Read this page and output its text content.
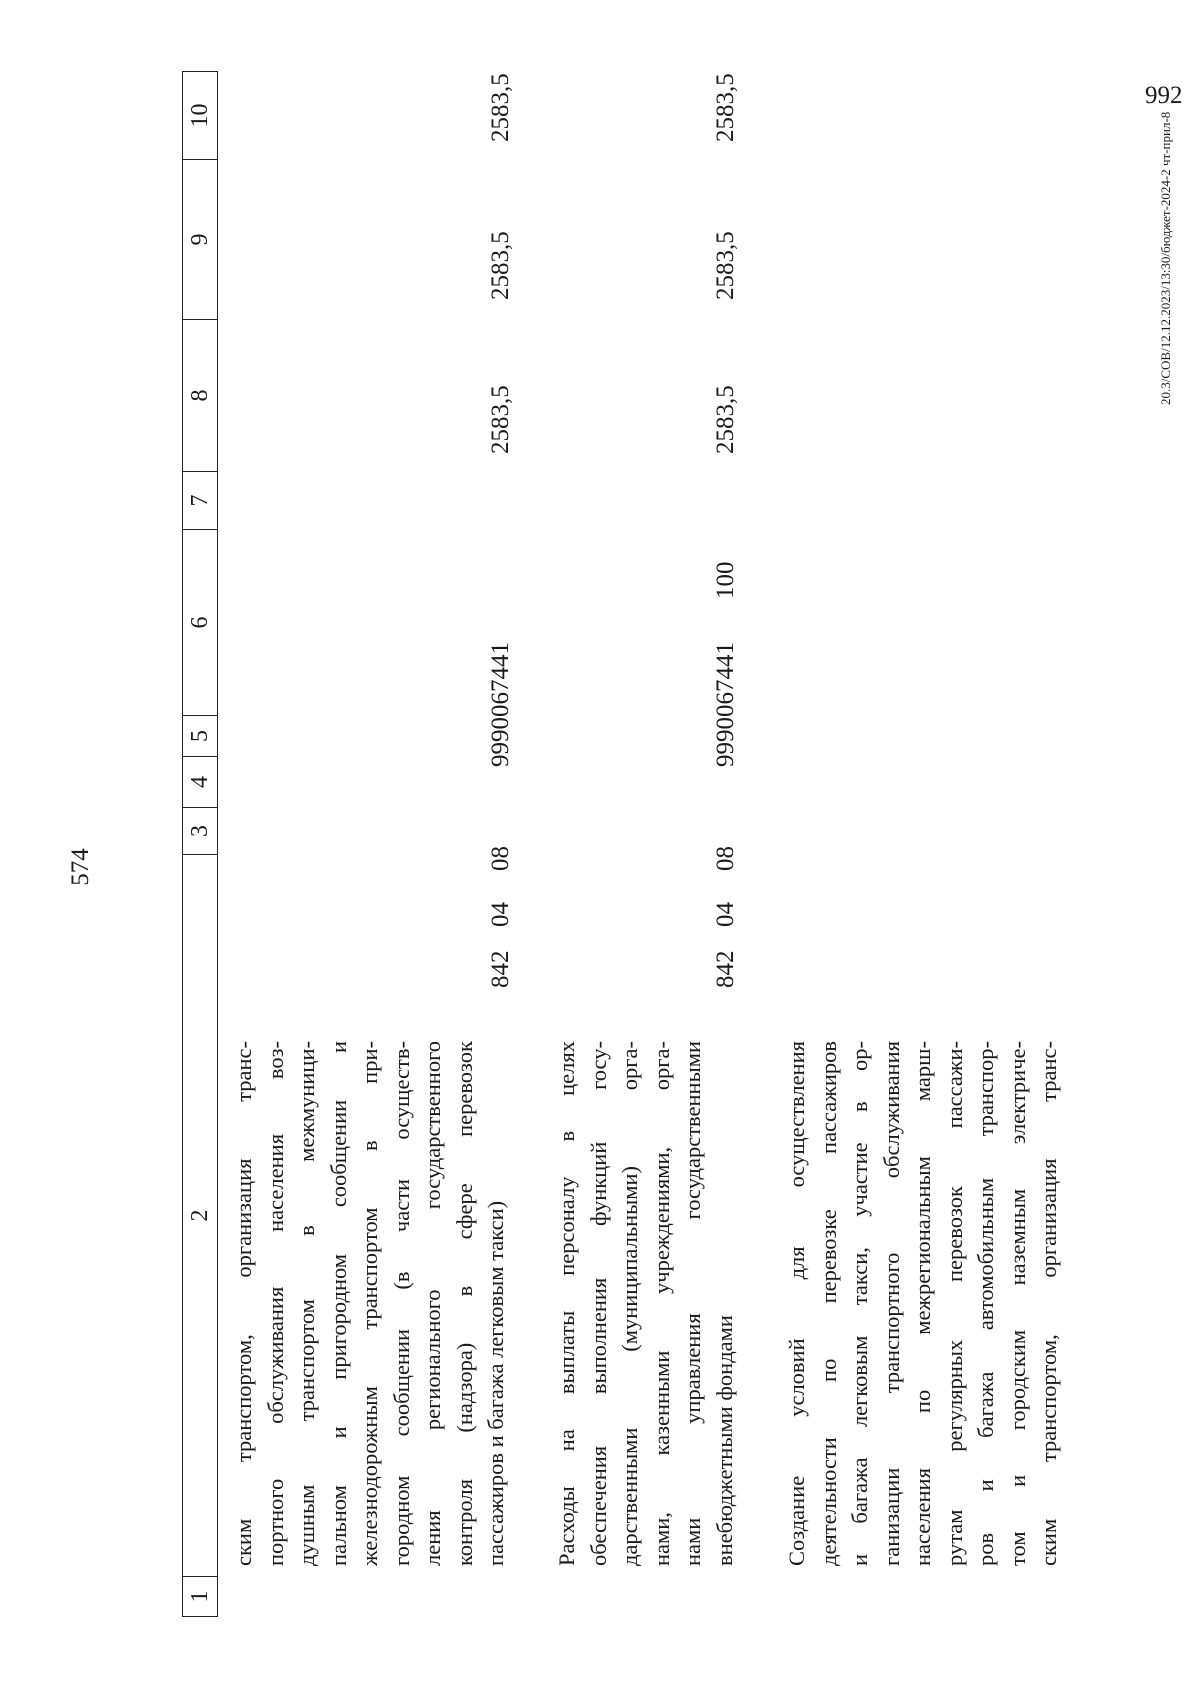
574
1
2
3
4
5
6
7
8
9
10
ским транспортом, организация транс- портного обслуживания населения воз- душным транспортом в межмуници- пальном и пригородном сообщении и железнодорожным транспортом в при- городном сообщении (в части осуществ- ления регионального государственного контроля (надзора) в сфере перевозок пассажиров и багажа легковым такси)
842
04
08
9990067441
2583,5
2583,5
2583,5
Расходы на выплаты персоналу в целях обеспечения выполнения функций госу- дарственными (муниципальными) орга- нами, казенными учреждениями, орга- нами управления государственными внебюджетными фондами
842
04
08
9990067441
100
2583,5
2583,5
2583,5
Создание условий для осуществления деятельности по перевозке пассажиров и багажа легковым такси, участие в ор- ганизации транспортного обслуживания населения по межрегиональным марш- рутам регулярных перевозок пассажи- ров и багажа автомобильным транспор- том и городским наземным электриче- ским транспортом, организация транс-
20.3/СОВ/12.12.2023/13:30/бюджет-2024-2 чт-прил-8
992
